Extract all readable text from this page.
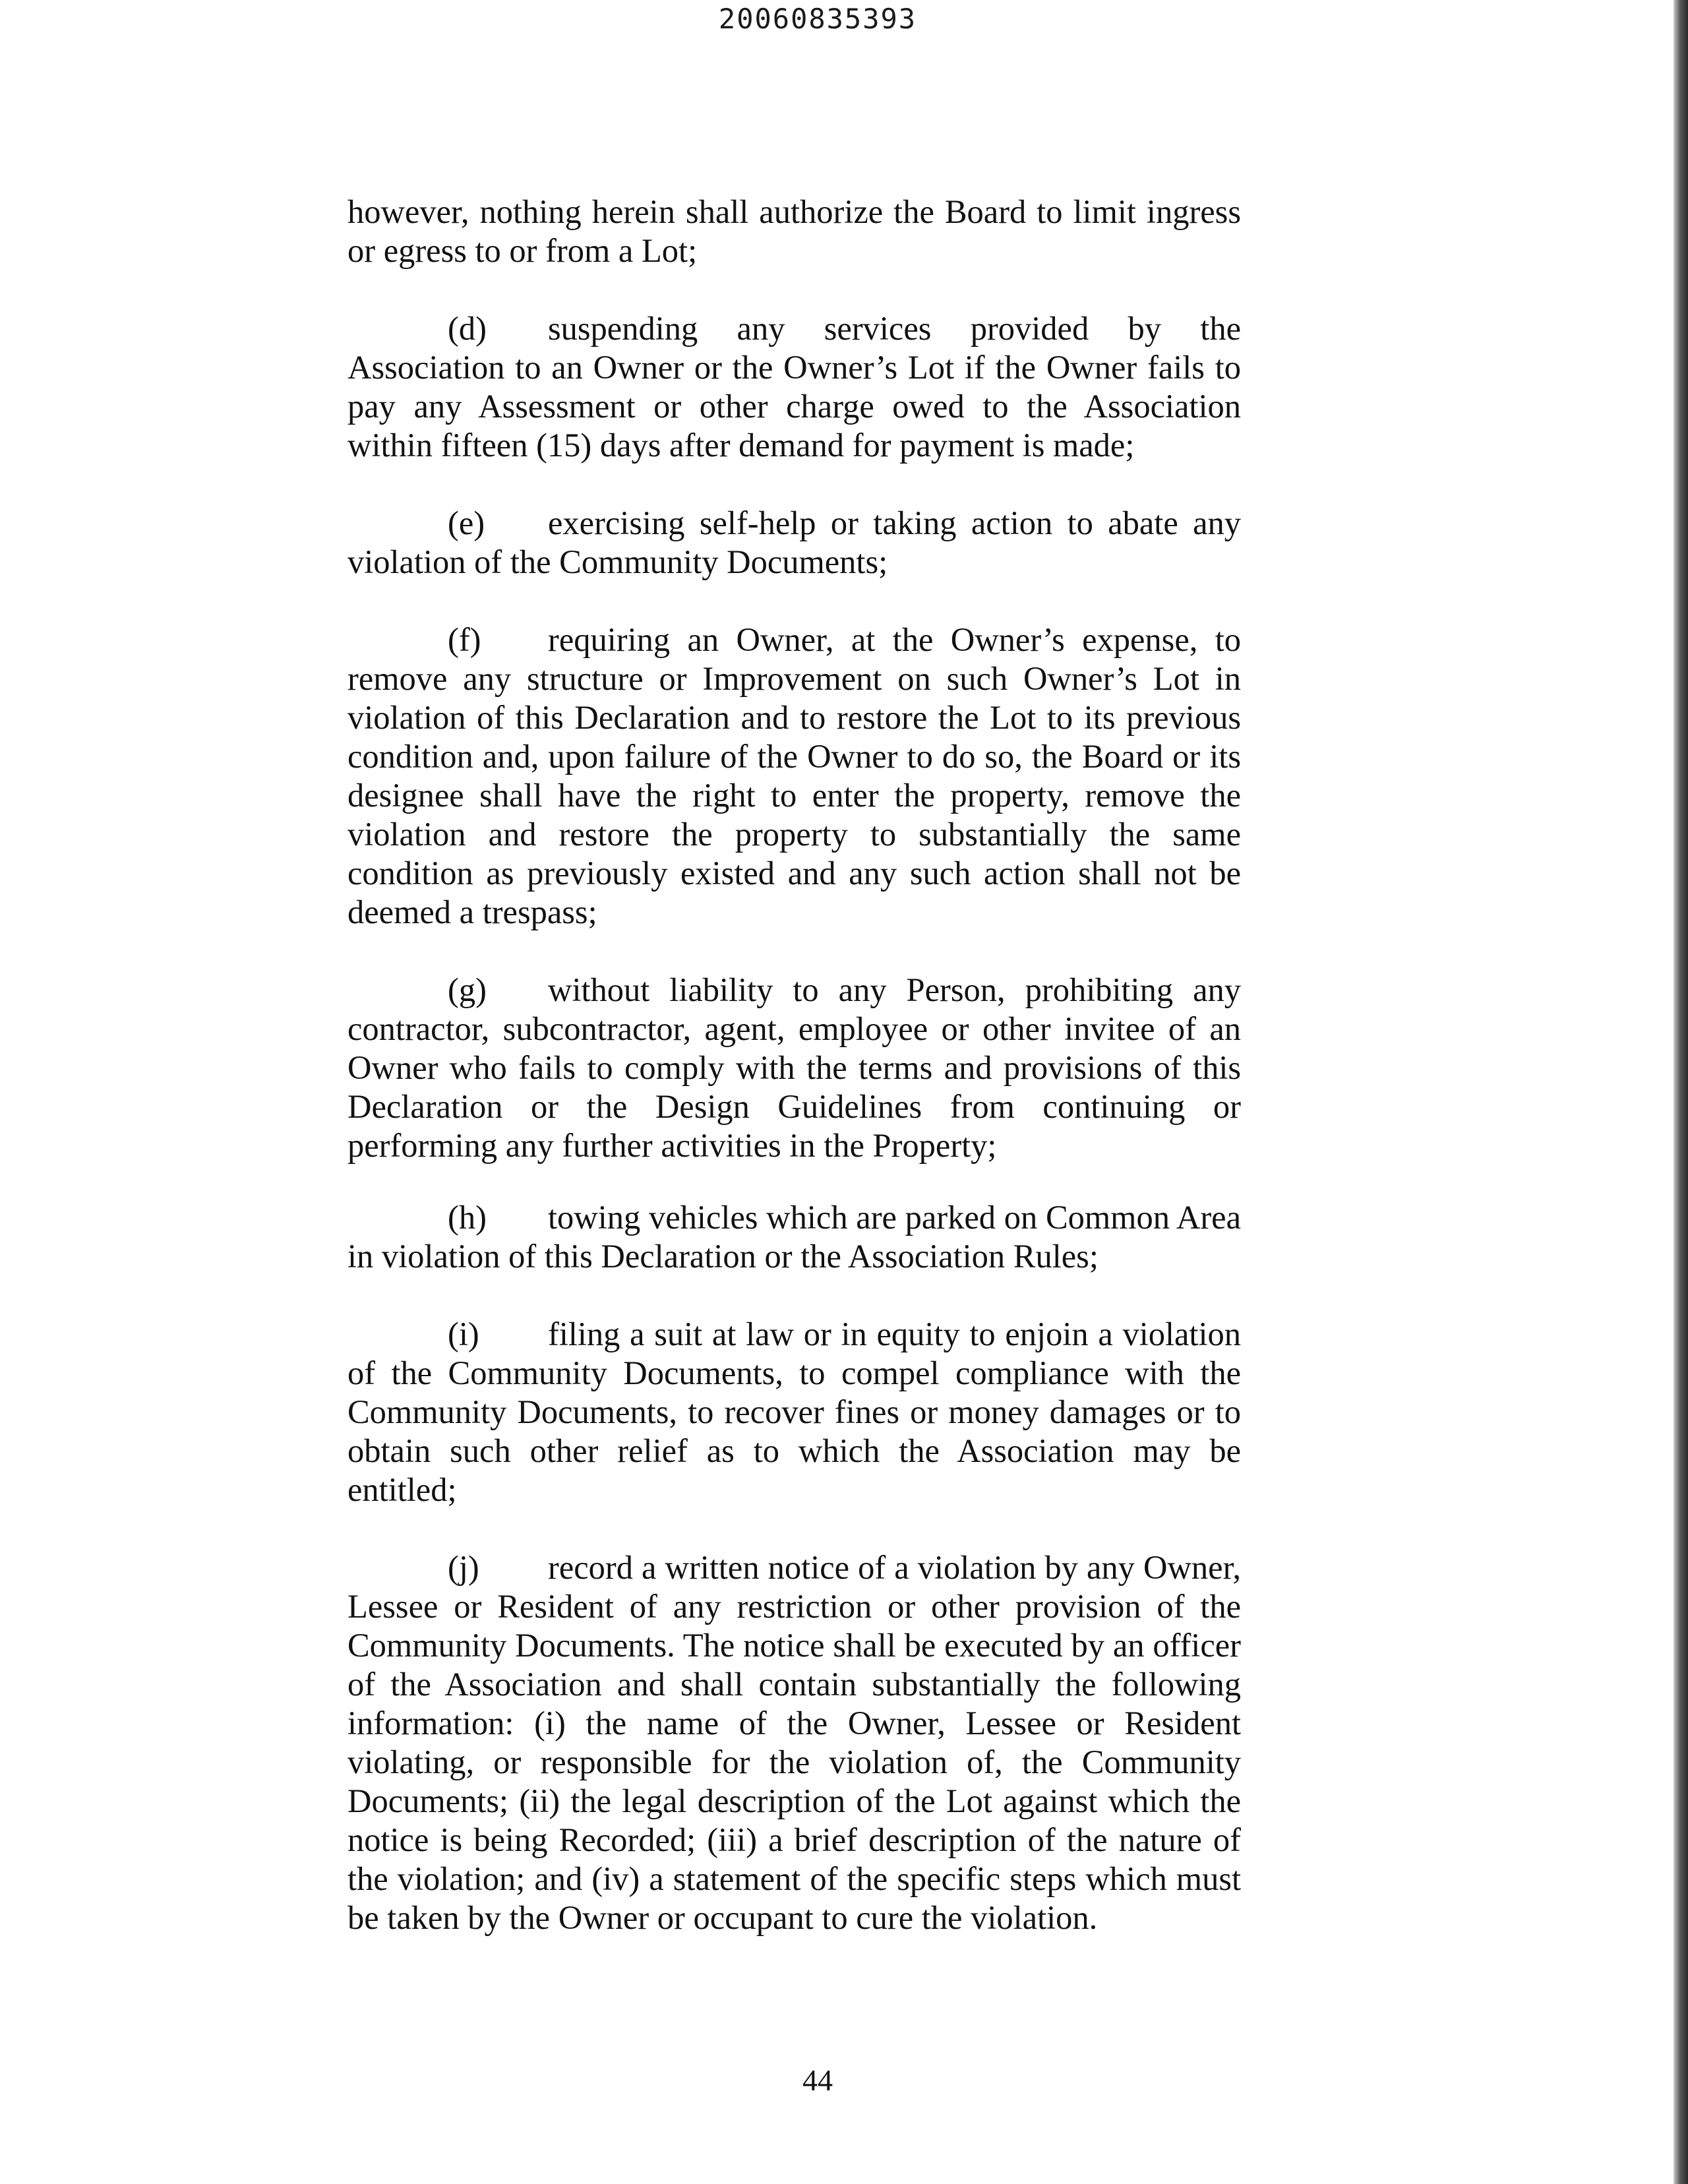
20060835393

however, nothing herein shall authorize the Board to limit ingress or egress to or from a Lot;

(d) suspending any services provided by the Association to an Owner or the Owner’s Lot if the Owner fails to pay any Assessment or other charge owed to the Association within fifteen (15) days after demand for payment is made;

(e) exercising self-help or taking action to abate any violation of the Community Documents;

(f) requiring an Owner, at the Owner’s expense, to remove any structure or Improvement on such Owner’s Lot in violation of this Declaration and to restore the Lot to its previous condition and, upon failure of the Owner to do so, the Board or its designee shall have the right to enter the property, remove the violation and restore the property to substantially the same condition as previously existed and any such action shall not be deemed a trespass;

(g) without liability to any Person, prohibiting any contractor, subcontractor, agent, employee or other invitee of an Owner who fails to comply with the terms and provisions of this Declaration or the Design Guidelines from continuing or performing any further activities in the Property;

(h) towing vehicles which are parked on Common Area in violation of this Declaration or the Association Rules;

(i) filing a suit at law or in equity to enjoin a violation of the Community Documents, to compel compliance with the Community Documents, to recover fines or money damages or to obtain such other relief as to which the Association may be entitled;

(j) record a written notice of a violation by any Owner, Lessee or Resident of any restriction or other provision of the Community Documents. The notice shall be executed by an officer of the Association and shall contain substantially the following information: (i) the name of the Owner, Lessee or Resident violating, or responsible for the violation of, the Community Documents; (ii) the legal description of the Lot against which the notice is being Recorded; (iii) a brief description of the nature of the violation; and (iv) a statement of the specific steps which must be taken by the Owner or occupant to cure the violation.

44
